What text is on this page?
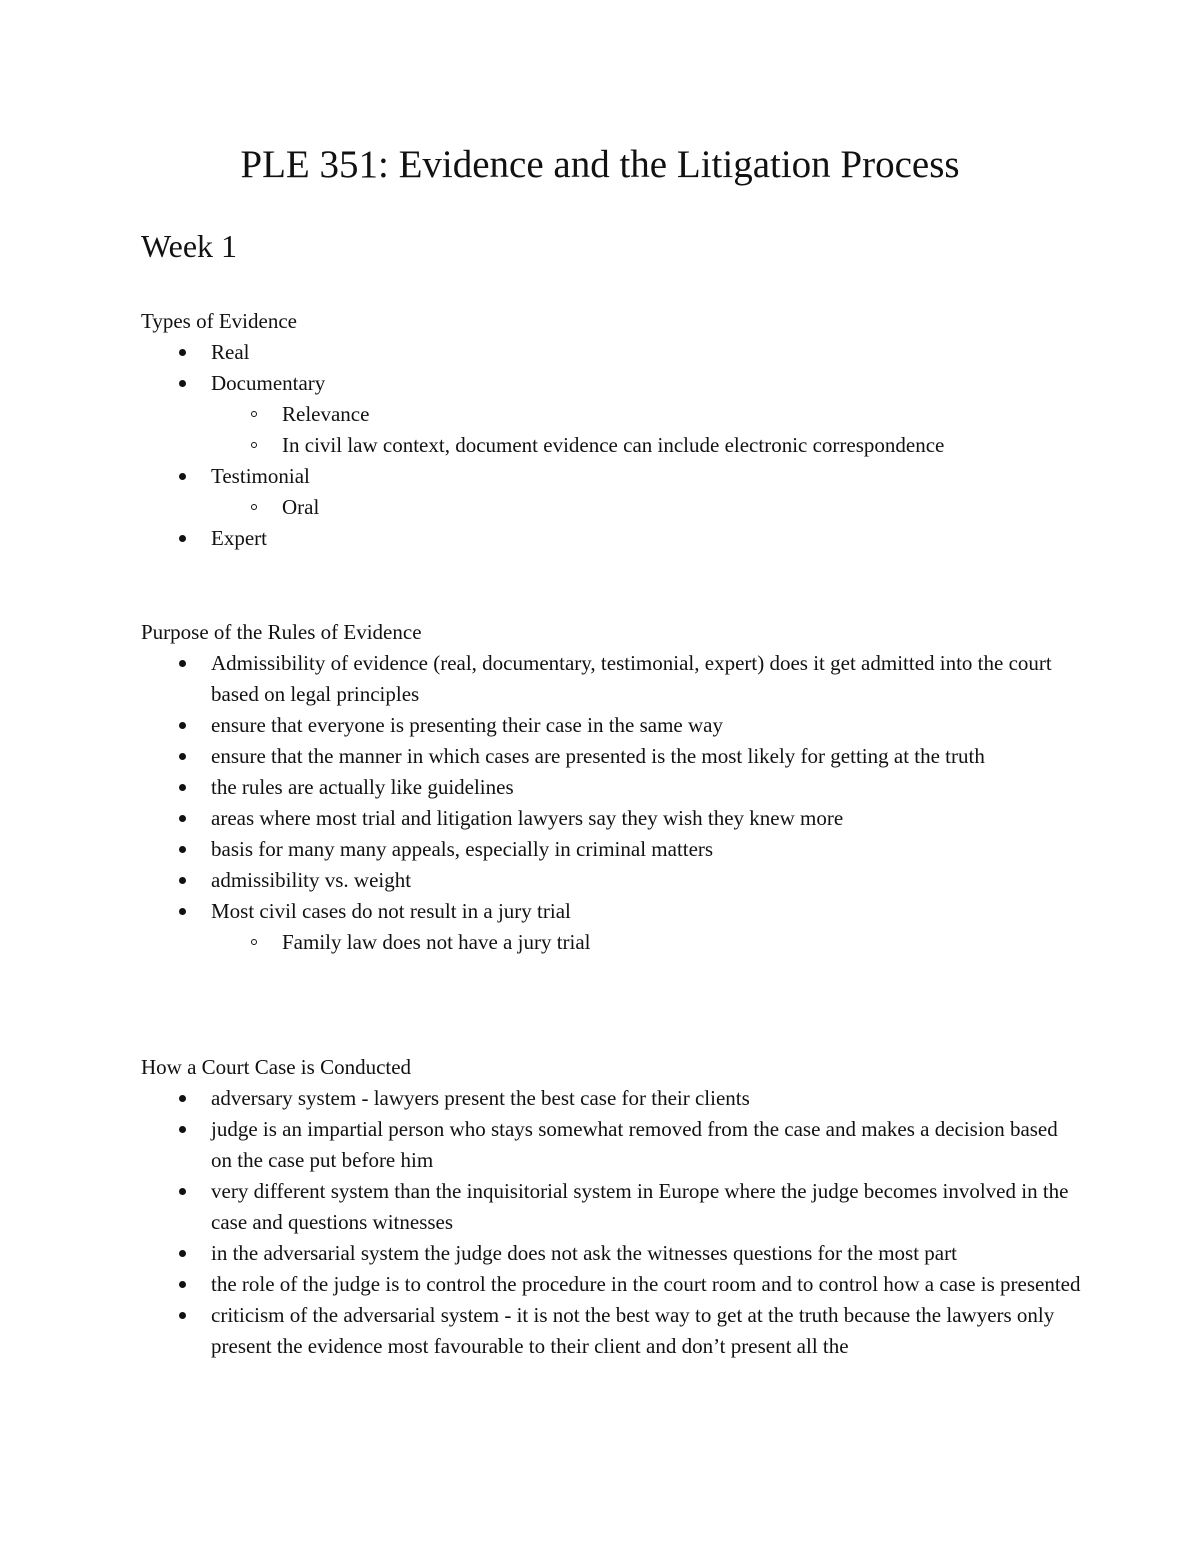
PLE 351: Evidence and the Litigation Process
Week 1
Types of Evidence
Real
Documentary
Relevance
In civil law context, document evidence can include electronic correspondence
Testimonial
Oral
Expert
Purpose of the Rules of Evidence
Admissibility of evidence (real, documentary, testimonial, expert) does it get admitted into the court based on legal principles
ensure that everyone is presenting their case in the same way
ensure that the manner in which cases are presented is the most likely for getting at the truth
the rules are actually like guidelines
areas where most trial and litigation lawyers say they wish they knew more
basis for many many appeals, especially in criminal matters
admissibility vs. weight
Most civil cases do not result in a jury trial
Family law does not have a jury trial
How a Court Case is Conducted
adversary system - lawyers present the best case for their clients
judge is an impartial person who stays somewhat removed from the case and makes a decision based on the case put before him
very different system than the inquisitorial system in Europe where the judge becomes involved in the case and questions witnesses
in the adversarial system the judge does not ask the witnesses questions for the most part
the role of the judge is to control the procedure in the court room and to control how a case is presented
criticism of the adversarial system - it is not the best way to get at the truth because the lawyers only present the evidence most favourable to their client and don’t present all the
